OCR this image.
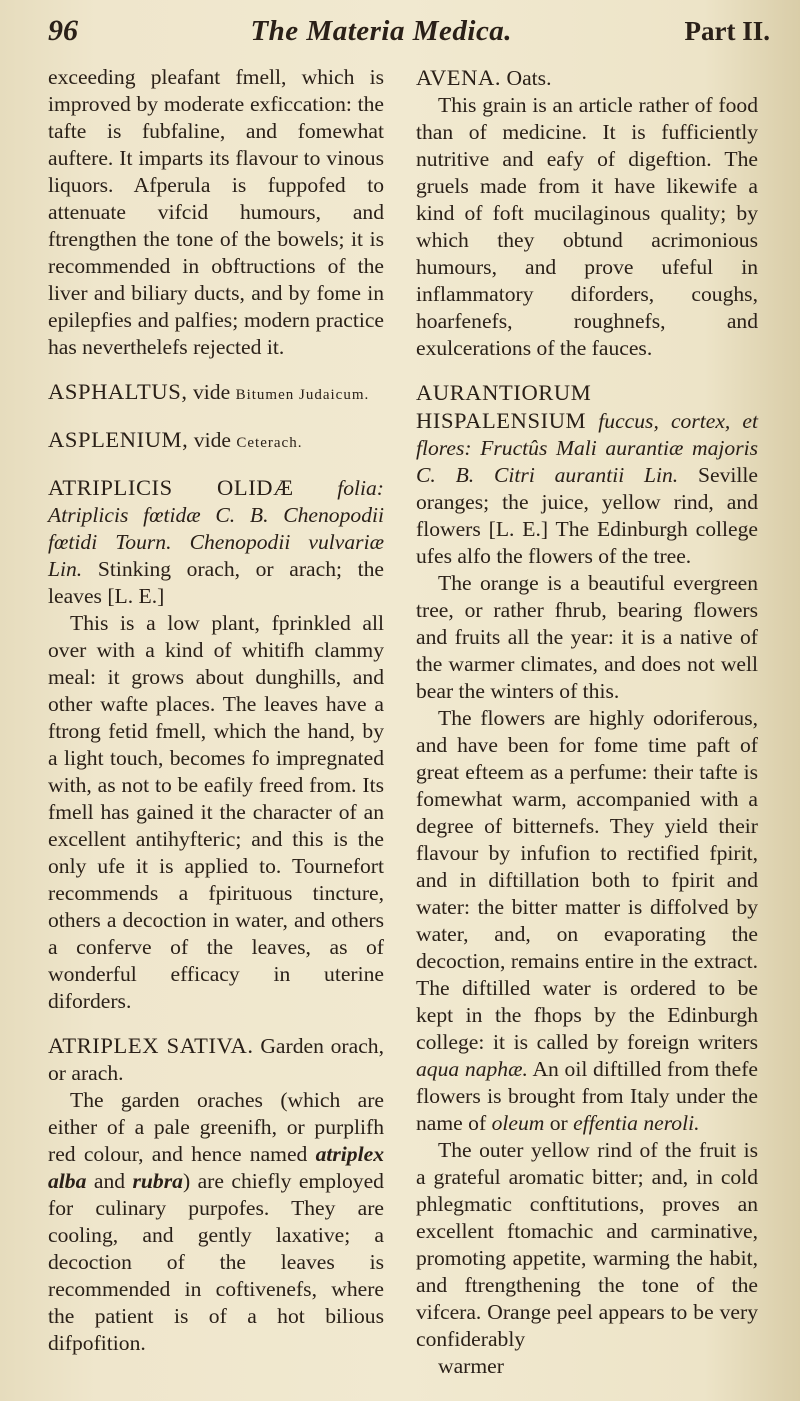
96	The Materia Medica.	Part II.

exceeding pleafant fmell, which is improved by moderate exficcation: the tafte is fubfaline, and fomewhat auftere. It imparts its flavour to vinous liquors. Afperula is fuppofed to attenuate vifcid humours, and ftrengthen the tone of the bowels; it is recommended in obftructions of the liver and biliary ducts, and by fome in epilepfies and palfies; modern practice has neverthelefs rejected it.

ASPHALTUS, vide Bitumen Judaicum.

ASPLENIUM, vide Ceterach.

ATRIPLICIS OLIDÆ folia: Atriplicis fœtidæ C. B. Chenopodii fœtidi Tourn. Chenopodii vulvariæ Lin. Stinking orach, or arach; the leaves [L. E.]

This is a low plant, fprinkled all over with a kind of whitifh clammy meal: it grows about dunghills, and other wafte places. The leaves have a ftrong fetid fmell, which the hand, by a light touch, becomes fo impregnated with, as not to be eafily freed from. Its fmell has gained it the character of an excellent antihyfteric; and this is the only ufe it is applied to. Tournefort recommends a fpirituous tincture, others a decoction in water, and others a conferve of the leaves, as of wonderful efficacy in uterine diforders.

ATRIPLEX SATIVA. Garden orach, or arach.

The garden oraches (which are either of a pale greenifh, or purplifh red colour, and hence named atriplex alba and rubra) are chiefly employed for culinary purpofes. They are cooling, and gently laxative; a decoction of the leaves is recommended in coftivenefs, where the patient is of a hot bilious difpofition.

AVENA. Oats.

This grain is an article rather of food than of medicine. It is fufficiently nutritive and eafy of digeftion. The gruels made from it have likewife a kind of foft mucilaginous quality; by which they obtund acrimonious humours, and prove ufeful in inflammatory diforders, coughs, hoarfenefs, roughnefs, and exulcerations of the fauces.

AURANTIORUM HISPALENSIUM fuccus, cortex, et flores: Fructûs Mali aurantiæ majoris C. B. Citri aurantii Lin. Seville oranges; the juice, yellow rind, and flowers [L. E.] The Edinburgh college ufes alfo the flowers of the tree.

The orange is a beautiful evergreen tree, or rather fhrub, bearing flowers and fruits all the year: it is a native of the warmer climates, and does not well bear the winters of this.

The flowers are highly odoriferous, and have been for fome time paft of great efteem as a perfume: their tafte is fomewhat warm, accompanied with a degree of bitternefs. They yield their flavour by infufion to rectified fpirit, and in diftillation both to fpirit and water: the bitter matter is diffolved by water, and, on evaporating the decoction, remains entire in the extract. The diftilled water is ordered to be kept in the fhops by the Edinburgh college: it is called by foreign writers aqua naphæ. An oil diftilled from thefe flowers is brought from Italy under the name of oleum or effentia neroli.

The outer yellow rind of the fruit is a grateful aromatic bitter; and, in cold phlegmatic conftitutions, proves an excellent ftomachic and carminative, promoting appetite, warming the habit, and ftrengthening the tone of the vifcera. Orange peel appears to be very confiderably

warmer
